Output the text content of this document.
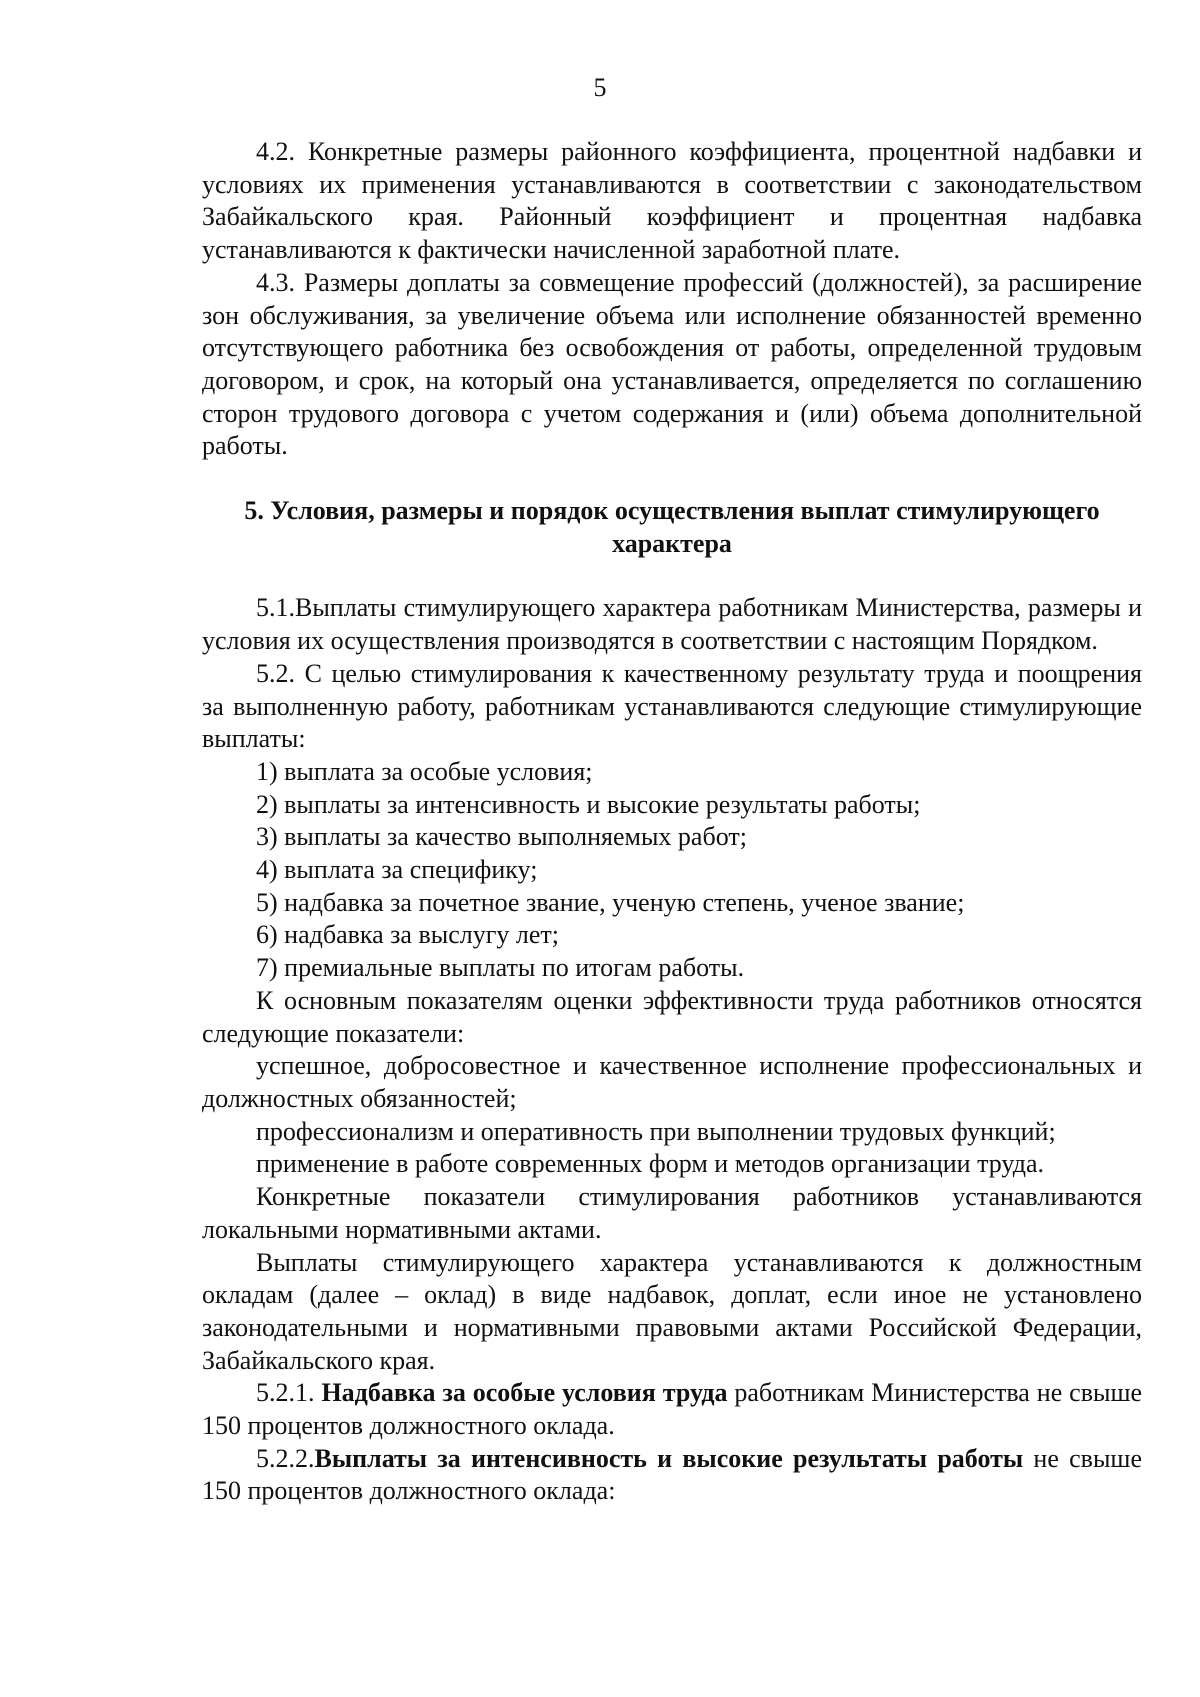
5

4.2. Конкретные размеры районного коэффициента, процентной надбавки и условиях их применения устанавливаются в соответствии с законодательством Забайкальского края. Районный коэффициент и процентная надбавка устанавливаются к фактически начисленной заработной плате.

4.3. Размеры доплаты за совмещение профессий (должностей), за расширение зон обслуживания, за увеличение объема или исполнение обязанностей временно отсутствующего работника без освобождения от работы, определенной трудовым договором, и срок, на который она устанавливается, определяется по соглашению сторон трудового договора с учетом содержания и (или) объема дополнительной работы.

5. Условия, размеры и порядок осуществления выплат стимулирующего характера

5.1.Выплаты стимулирующего характера работникам Министерства, размеры и условия их осуществления производятся в соответствии с настоящим Порядком.

5.2. С целью стимулирования к качественному результату труда и поощрения за выполненную работу, работникам устанавливаются следующие стимулирующие выплаты:

1) выплата за особые условия;

2) выплаты за интенсивность и высокие результаты работы;

3) выплаты за качество выполняемых работ;

4) выплата за специфику;

5) надбавка за почетное звание, ученую степень, ученое звание;

6) надбавка за выслугу лет;

7) премиальные выплаты по итогам работы.

К основным показателям оценки эффективности труда работников относятся следующие показатели:

успешное, добросовестное и качественное исполнение профессиональных и должностных обязанностей;

профессионализм и оперативность при выполнении трудовых функций;

применение в работе современных форм и методов организации труда.

Конкретные показатели стимулирования работников устанавливаются локальными нормативными актами.

Выплаты стимулирующего характера устанавливаются к должностным окладам (далее – оклад) в виде надбавок, доплат, если иное не установлено законодательными и нормативными правовыми актами Российской Федерации, Забайкальского края.

5.2.1. Надбавка за особые условия труда работникам Министерства не свыше 150 процентов должностного оклада.

5.2.2.Выплаты за интенсивность и высокие результаты работы не свыше 150 процентов должностного оклада:
